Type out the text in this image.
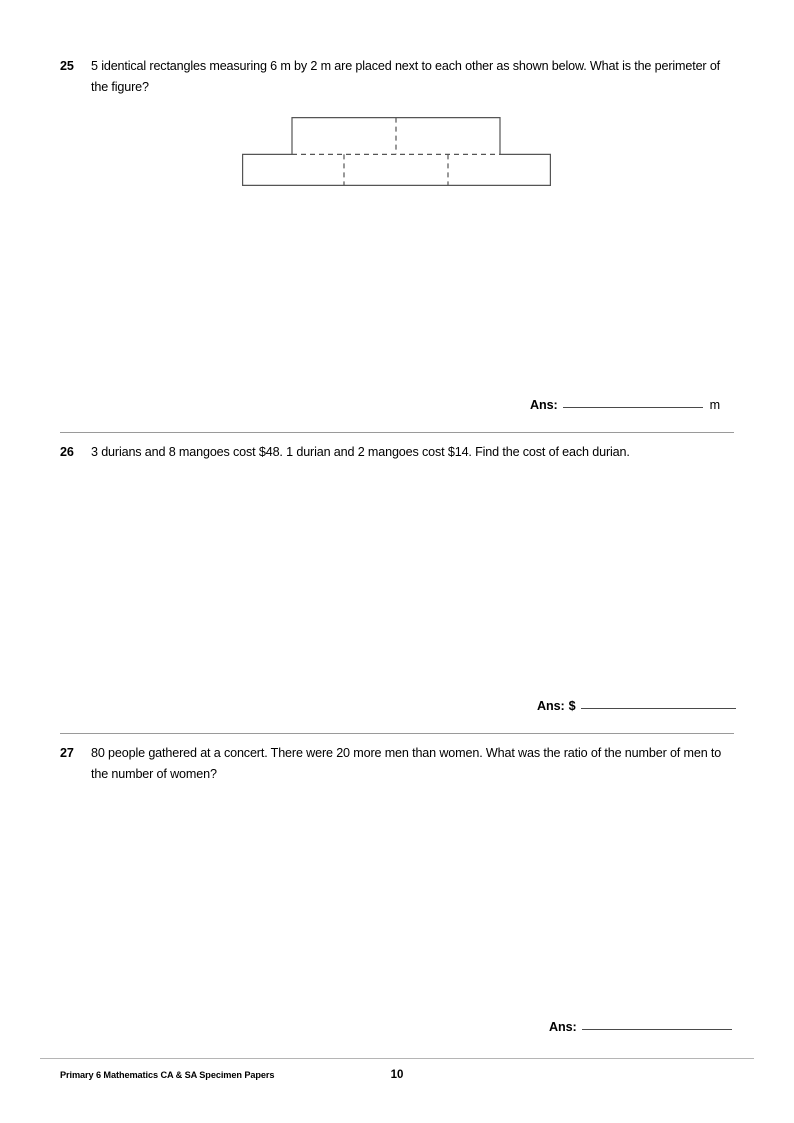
25	5 identical rectangles measuring 6 m by 2 m are placed next to each other as shown below. What is the perimeter of the figure?
Ans:	m
26	3 durians and 8 mangoes cost $48. 1 durian and 2 mangoes cost $14. Find the cost of each durian.
Ans: $
27	80 people gathered at a concert. There were 20 more men than women. What was the ratio of the number of men to the number of women?
Ans:
Primary 6 Mathematics CA & SA Specimen Papers	10
